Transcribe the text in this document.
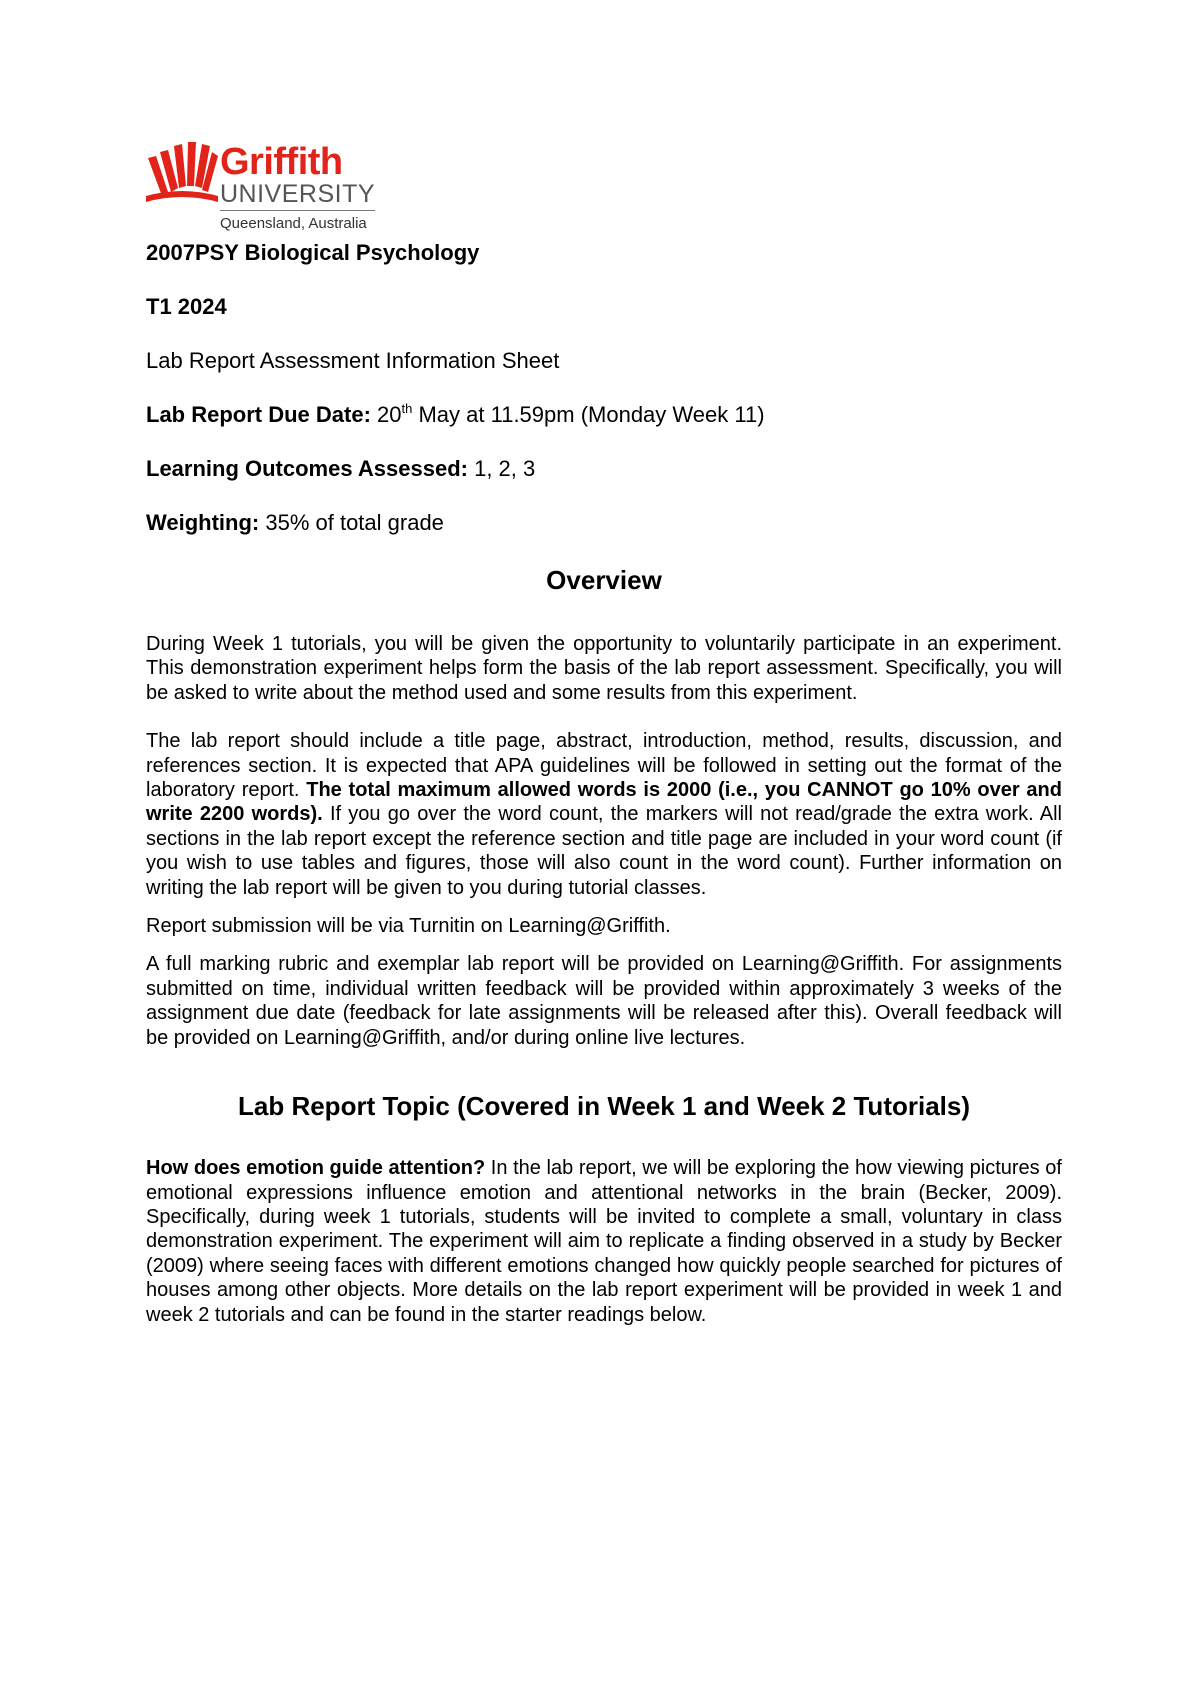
Griffith
UNIVERSITY
Queensland, Australia
2007PSY Biological Psychology
T1 2024
Lab Report Assessment Information Sheet
Lab Report Due Date: 20th May at 11.59pm (Monday Week 11)
Learning Outcomes Assessed: 1, 2, 3
Weighting: 35% of total grade
Overview

During Week 1 tutorials, you will be given the opportunity to voluntarily participate in an experiment. This demonstration experiment helps form the basis of the lab report assessment. Specifically, you will be asked to write about the method used and some results from this experiment.

The lab report should include a title page, abstract, introduction, method, results, discussion, and references section. It is expected that APA guidelines will be followed in setting out the format of the laboratory report. The total maximum allowed words is 2000 (i.e., you CANNOT go 10% over and write 2200 words). If you go over the word count, the markers will not read/grade the extra work. All sections in the lab report except the reference section and title page are included in your word count (if you wish to use tables and figures, those will also count in the word count). Further information on writing the lab report will be given to you during tutorial classes.

Report submission will be via Turnitin on Learning@Griffith.

A full marking rubric and exemplar lab report will be provided on Learning@Griffith. For assignments submitted on time, individual written feedback will be provided within approximately 3 weeks of the assignment due date (feedback for late assignments will be released after this). Overall feedback will be provided on Learning@Griffith, and/or during online live lectures.

Lab Report Topic (Covered in Week 1 and Week 2 Tutorials)

How does emotion guide attention? In the lab report, we will be exploring the how viewing pictures of emotional expressions influence emotion and attentional networks in the brain (Becker, 2009). Specifically, during week 1 tutorials, students will be invited to complete a small, voluntary in class demonstration experiment. The experiment will aim to replicate a finding observed in a study by Becker (2009) where seeing faces with different emotions changed how quickly people searched for pictures of houses among other objects. More details on the lab report experiment will be provided in week 1 and week 2 tutorials and can be found in the starter readings below.
